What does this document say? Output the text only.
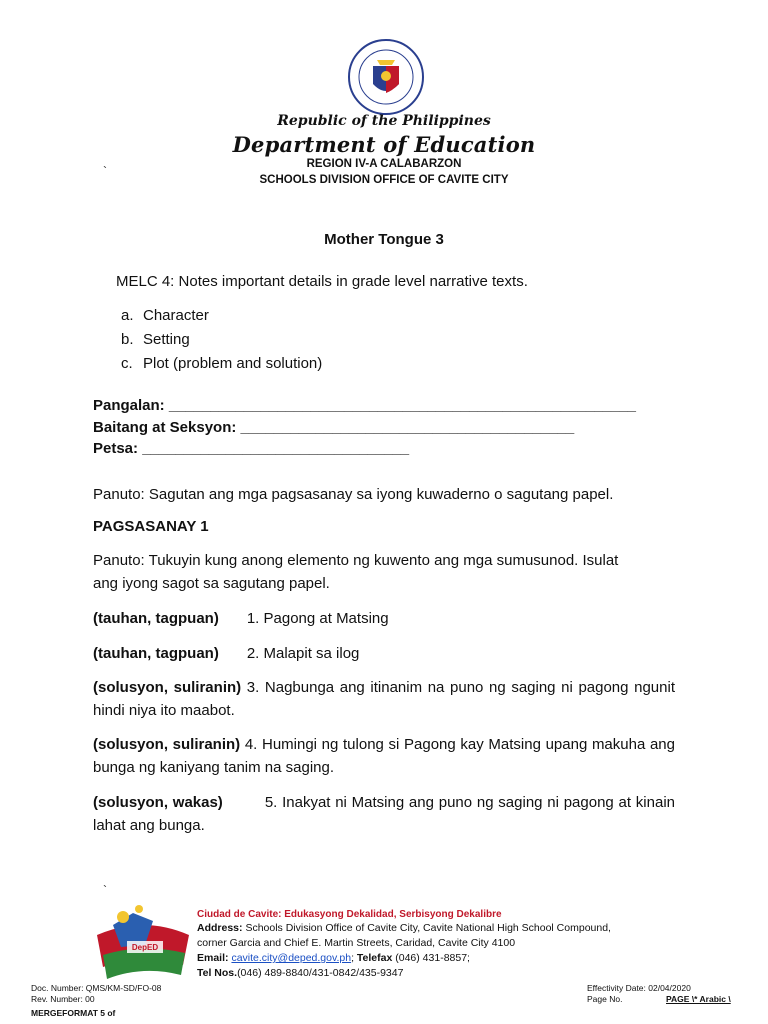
Republic of the Philippines
Department of Education
REGION IV-A CALABARZON
SCHOOLS DIVISION OFFICE OF CAVITE CITY
`
Mother Tongue 3
MELC 4: Notes important details in grade level narrative texts.
a. Character
b. Setting
c. Plot (problem and solution)
Pangalan: ________________________________________________________
Baitang at Seksyon: ________________________________________
Petsa: ________________________________
Panuto: Sagutan ang mga pagsasanay sa iyong kuwaderno o sagutang papel.
PAGSASANAY 1
Panuto: Tukuyin kung anong elemento ng kuwento ang mga sumusunod. Isulat
ang iyong sagot sa sagutang papel.
(tauhan, tagpuan) 1. Pagong at Matsing
(tauhan, tagpuan) 2. Malapit sa ilog
(solusyon, suliranin) 3. Nagbunga ang itinanim na puno ng saging ni pagong ngunit hindi niya ito maabot.
(solusyon, suliranin) 4. Humingi ng tulong si Pagong kay Matsing upang makuha ang bunga ng kaniyang tanim na saging.
(solusyon, wakas)	5. Inakyat ni Matsing ang puno ng saging ni pagong at kinain lahat ang bunga.
`
DepED
Ciudad de Cavite: Edukasyong Dekalidad, Serbisyong Dekalibre
Address: Schools Division Office of Cavite City, Cavite National High School Compound,
corner Garcia and Chief E. Martin Streets, Caridad, Cavite City 4100
Email: cavite.city@deped.gov.ph; Telefax (046) 431-8857;
Tel Nos.(046) 489-8840/431-0842/435-9347
Doc. Number: QMS/KM-SD/FO-08
Rev. Number: 00
MERGEFORMAT 5 of
Effectivity Date: 02/04/2020
Page No.	PAGE \* Arabic \
